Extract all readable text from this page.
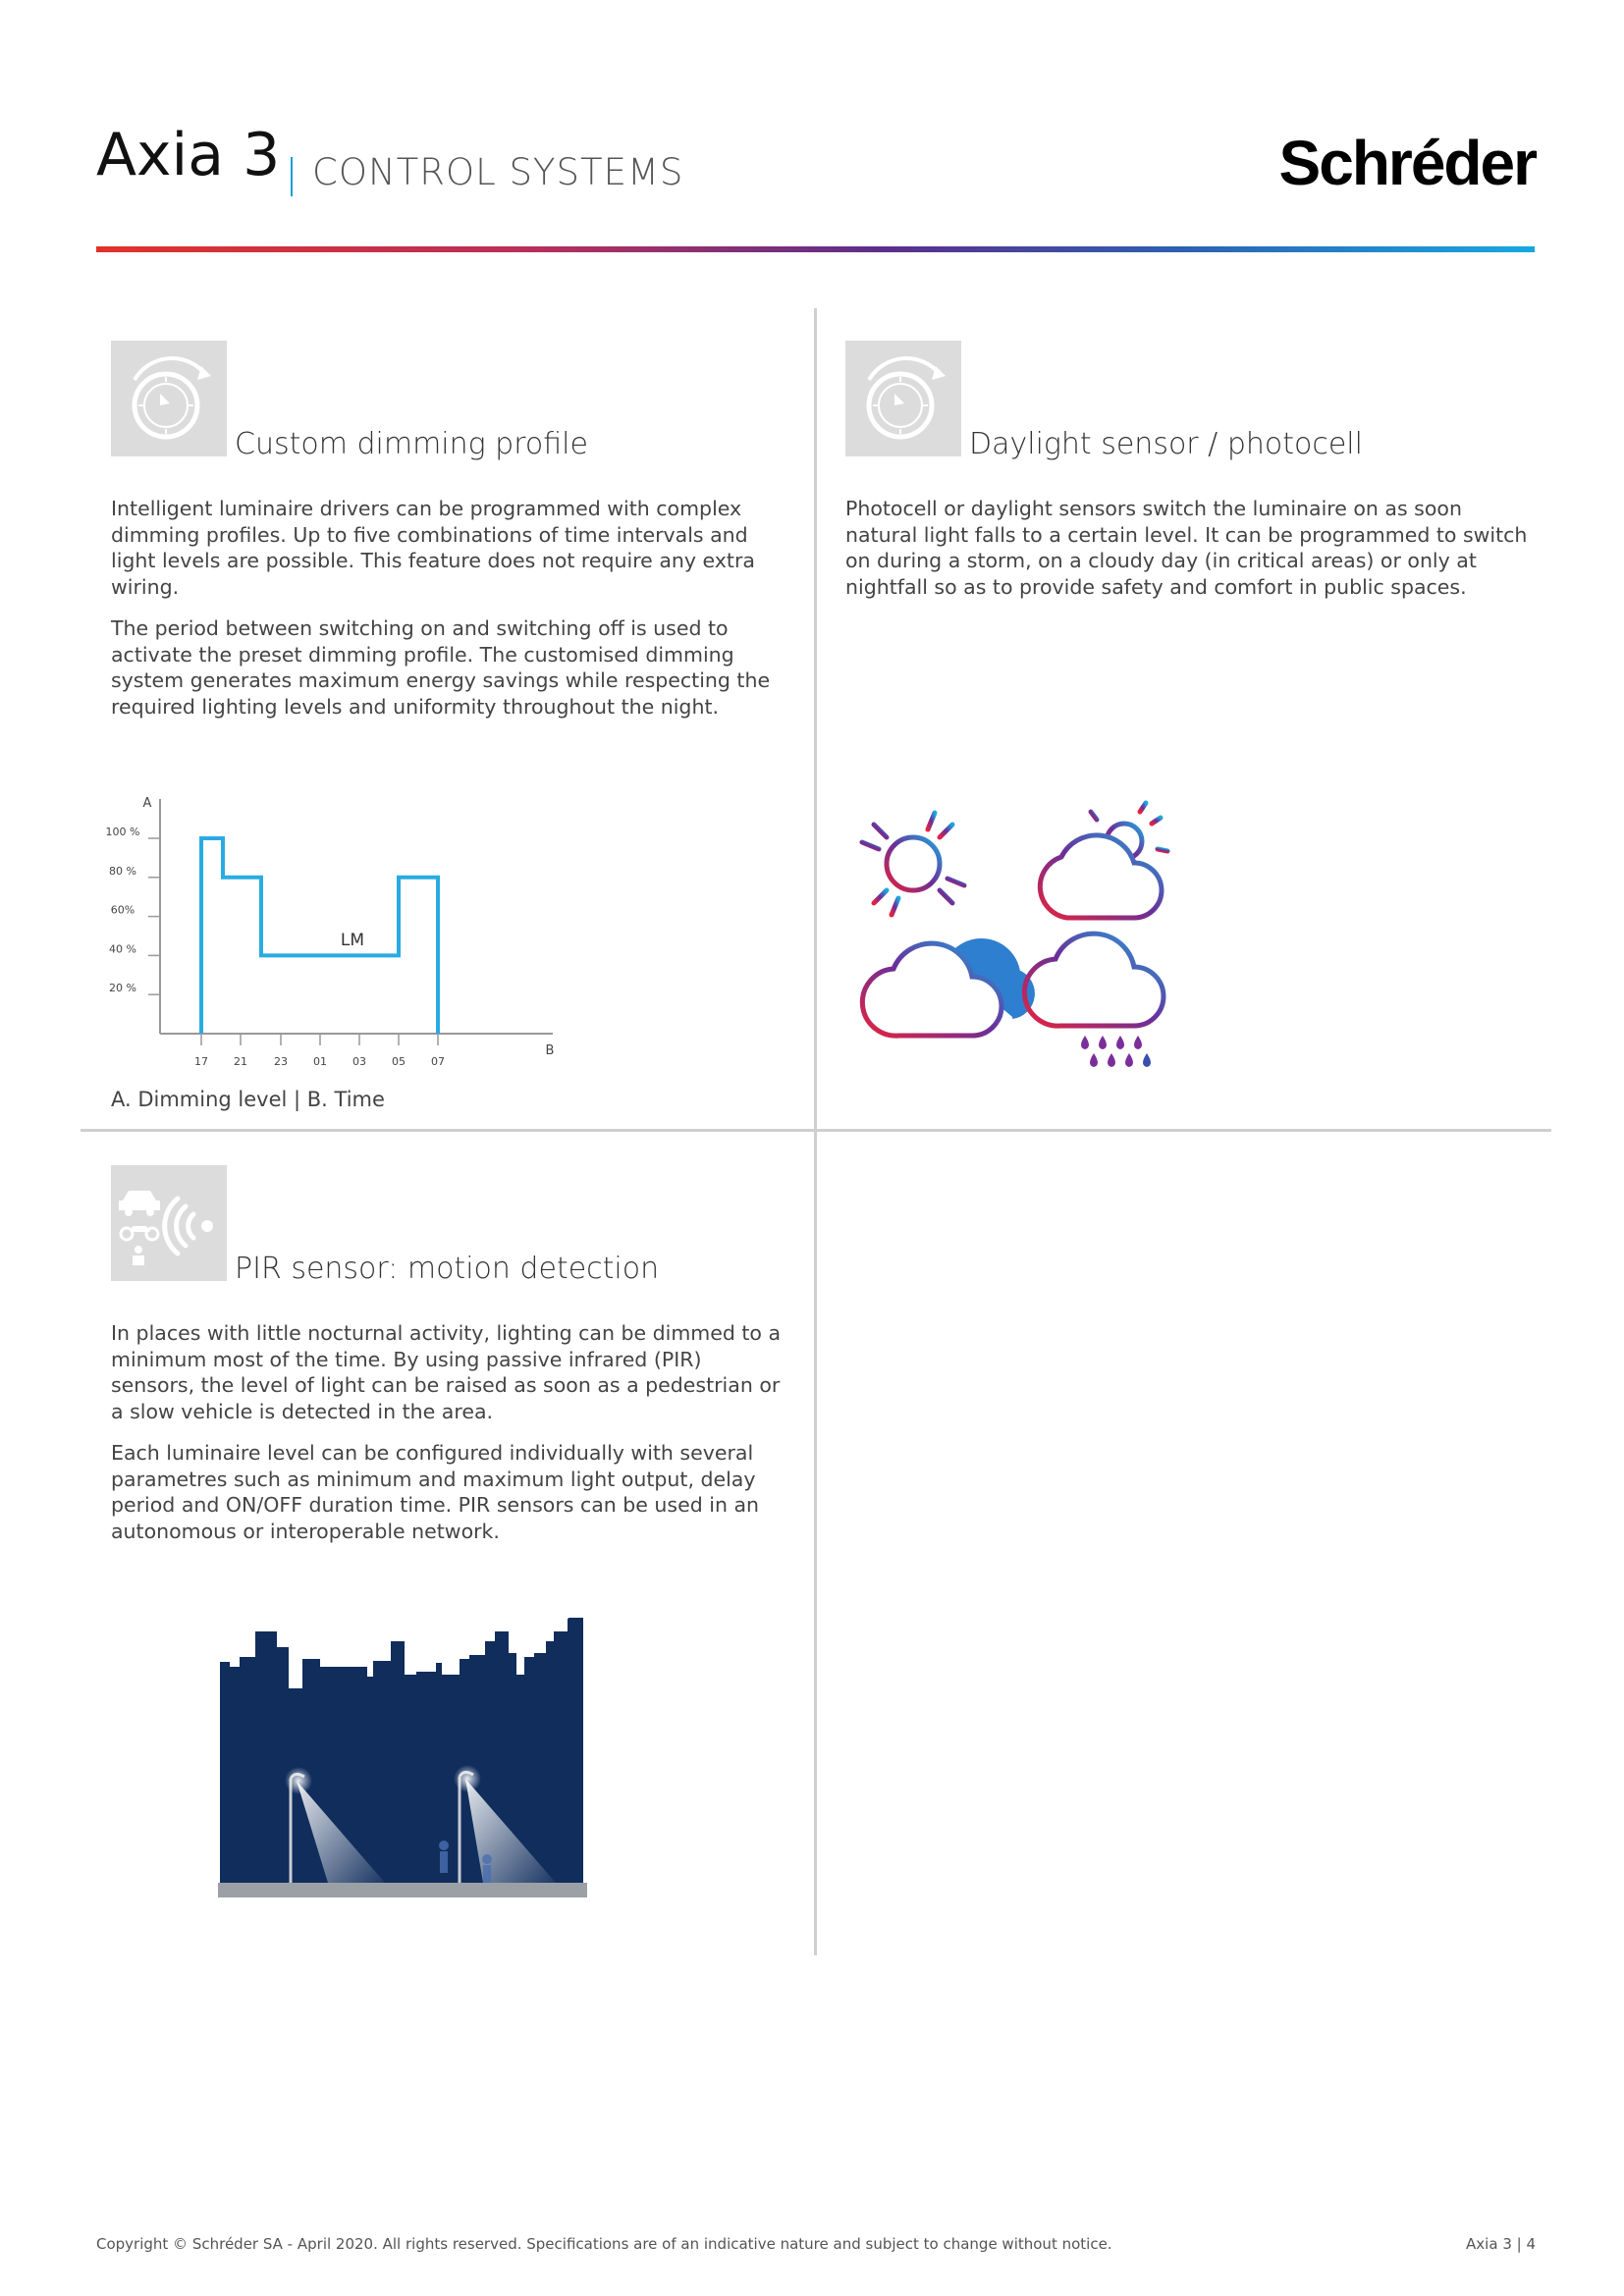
Axia 3 CONTROL SYSTEMS	Schréder
Custom dimming profile

Intelligent luminaire drivers can be programmed with complex dimming profiles. Up to five combinations of time intervals and light levels are possible. This feature does not require any extra wiring.

The period between switching on and switching off is used to activate the preset dimming profile. The customised dimming system generates maximum energy savings while respecting the required lighting levels and uniformity throughout the night.

A
B
LM
20 %
40 %
60%
80 %
100 %
17 21 23 01 03 05 07
A. Dimming level | B. Time
Daylight sensor / photocell

Photocell or daylight sensors switch the luminaire on as soon natural light falls to a certain level. It can be programmed to switch on during a storm, on a cloudy day (in critical areas) or only at nightfall so as to provide safety and comfort in public spaces.

PIR sensor: motion detection

In places with little nocturnal activity, lighting can be dimmed to a minimum most of the time. By using passive infrared (PIR) sensors, the level of light can be raised as soon as a pedestrian or a slow vehicle is detected in the area.

Each luminaire level can be configured individually with several parametres such as minimum and maximum light output, delay period and ON/OFF duration time. PIR sensors can be used in an autonomous or interoperable network.

Copyright © Schréder SA - April 2020. All rights reserved. Specifications are of an indicative nature and subject to change without notice.	Axia 3 | 4
